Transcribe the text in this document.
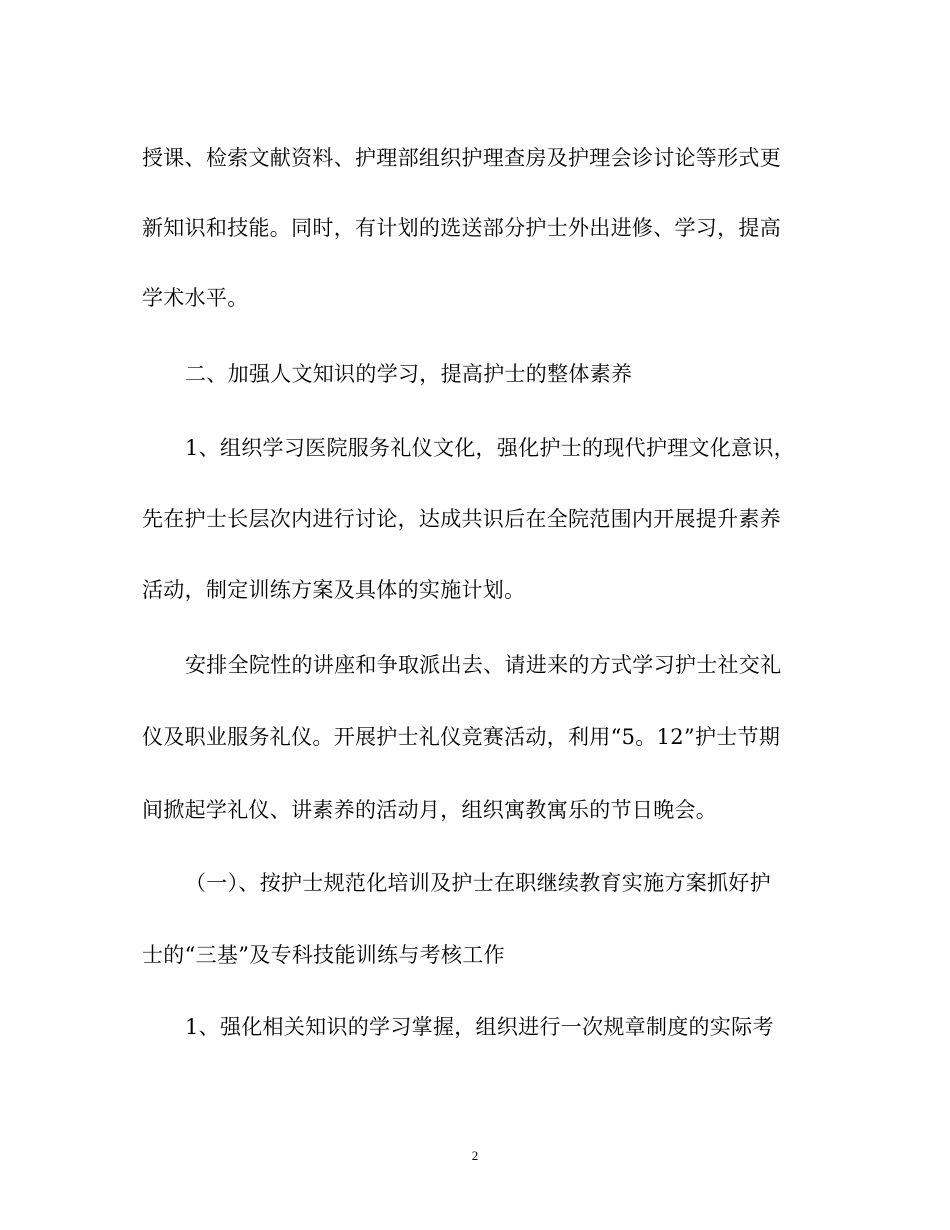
授课、检索文献资料、护理部组织护理查房及护理会诊讨论等形式更
新知识和技能。同时，有计划的选送部分护士外出进修、学习，提高
学术水平。
二、加强人文知识的学习，提高护士的整体素养
1、组织学习医院服务礼仪文化，强化护士的现代护理文化意识，
先在护士长层次内进行讨论，达成共识后在全院范围内开展提升素养
活动，制定训练方案及具体的实施计划。
安排全院性的讲座和争取派出去、请进来的方式学习护士社交礼
仪及职业服务礼仪。开展护士礼仪竞赛活动，利用“5。12”护士节期
间掀起学礼仪、讲素养的活动月，组织寓教寓乐的节日晚会。
（一）、按护士规范化培训及护士在职继续教育实施方案抓好护
士的“三基”及专科技能训练与考核工作
1、强化相关知识的学习掌握，组织进行一次规章制度的实际考
2
